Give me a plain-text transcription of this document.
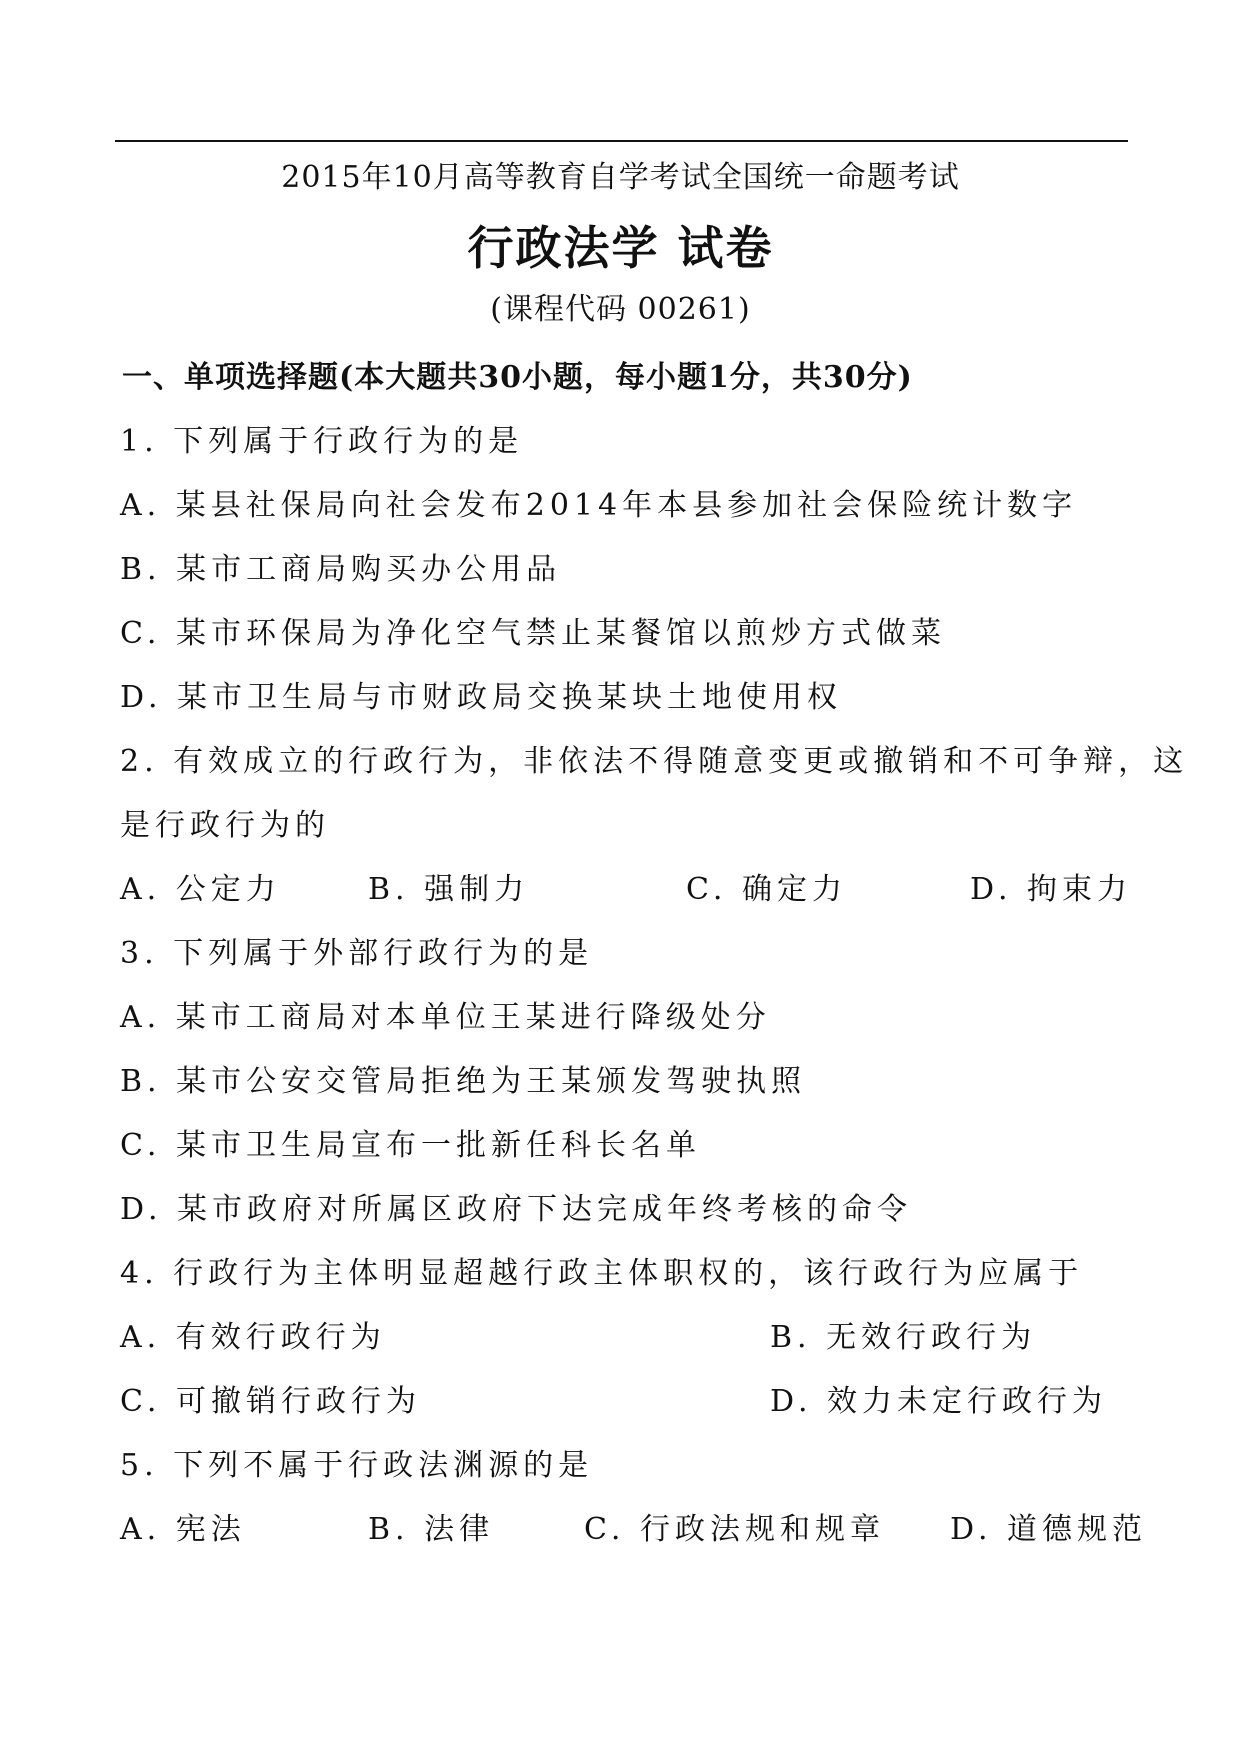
2015年10月高等教育自学考试全国统一命题考试
行政法学 试卷
(课程代码 00261)
一、单项选择题(本大题共30小题，每小题1分，共30分)
1. 下列属于行政行为的是
A. 某县社保局向社会发布2014年本县参加社会保险统计数字
B. 某市工商局购买办公用品
C. 某市环保局为净化空气禁止某餐馆以煎炒方式做菜
D. 某市卫生局与市财政局交换某块土地使用权
2. 有效成立的行政行为，非依法不得随意变更或撤销和不可争辩，这
是行政行为的
A. 公定力	B. 强制力	C. 确定力	D. 拘束力
3. 下列属于外部行政行为的是
A. 某市工商局对本单位王某进行降级处分
B. 某市公安交管局拒绝为王某颁发驾驶执照
C. 某市卫生局宣布一批新任科长名单
D. 某市政府对所属区政府下达完成年终考核的命令
4. 行政行为主体明显超越行政主体职权的，该行政行为应属于
A. 有效行政行为	B. 无效行政行为
C. 可撤销行政行为	D. 效力未定行政行为
5. 下列不属于行政法渊源的是
A. 宪法	B. 法律	C. 行政法规和规章 D. 道德规范
